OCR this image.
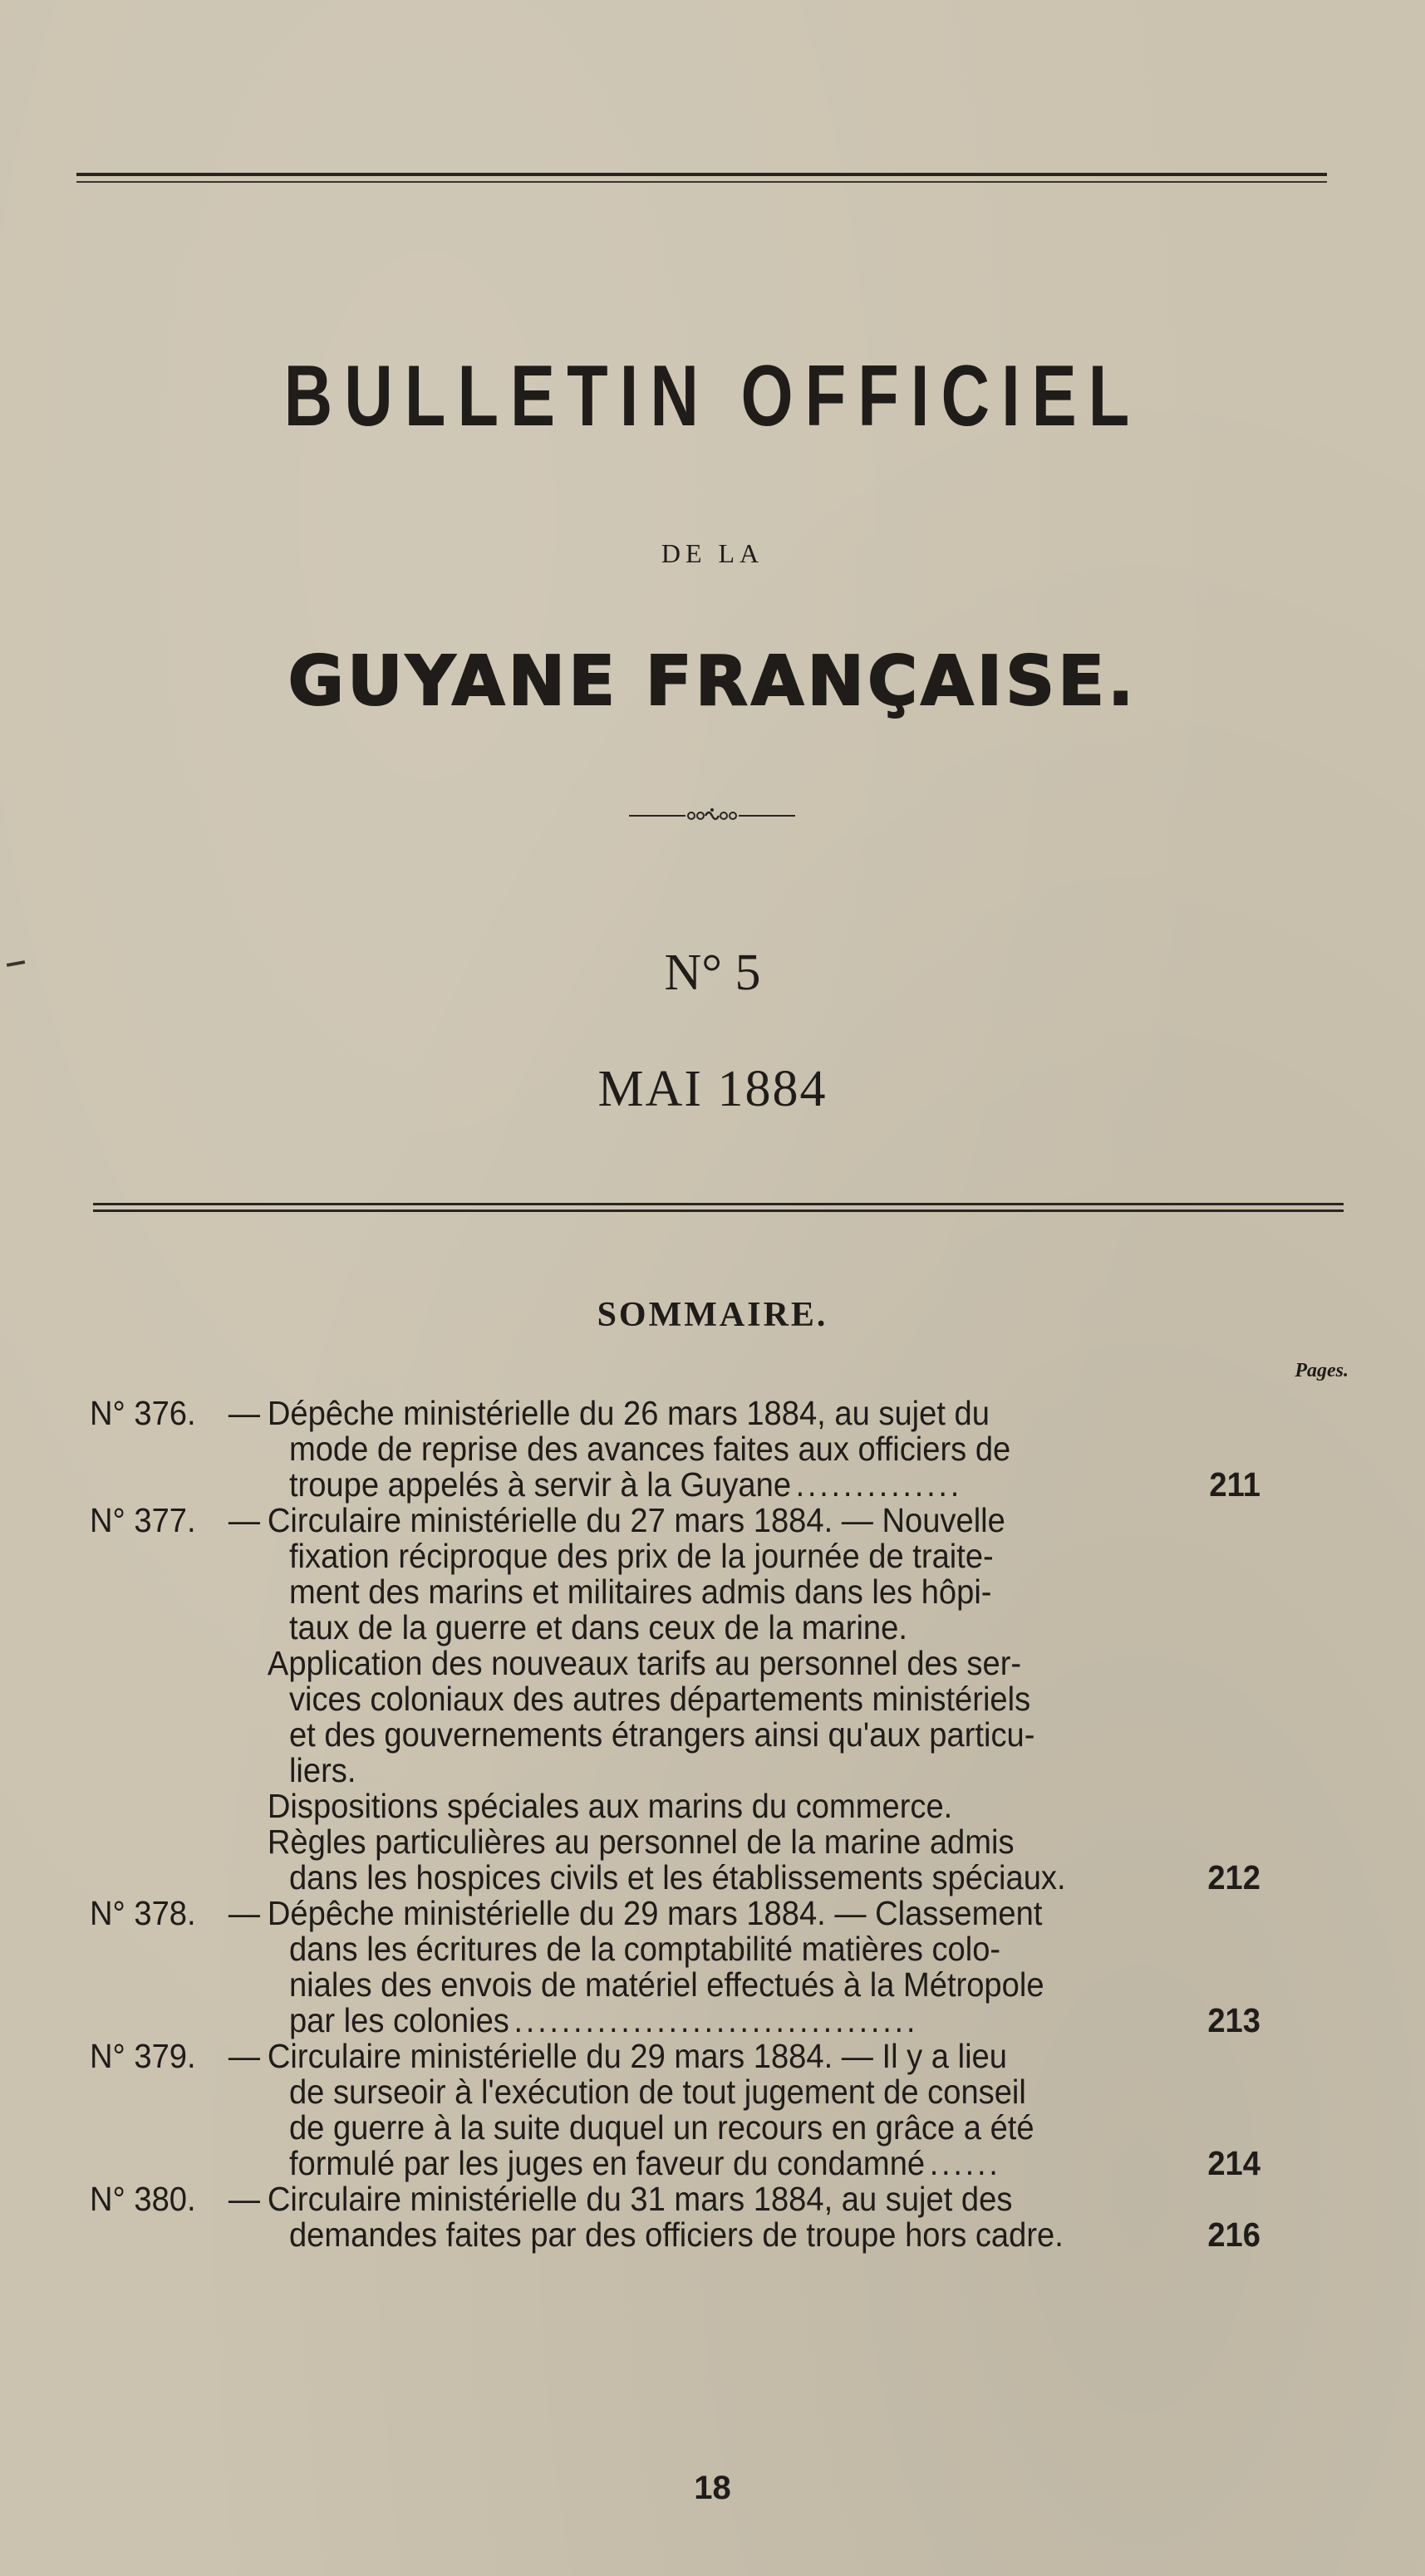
BULLETIN OFFICIEL
DE LA
GUYANE FRANÇAISE.
N° 5
MAI 1884
SOMMAIRE.
Pages.
N° 376. — Dépêche ministérielle du 26 mars 1884, au sujet du
mode de reprise des avances faites aux officiers de
troupe appelés à servir à la Guyane ..............	211
N° 377. — Circulaire ministérielle du 27 mars 1884. — Nouvelle
fixation réciproque des prix de la journée de traite-
ment des marins et militaires admis dans les hôpi-
taux de la guerre et dans ceux de la marine.
Application des nouveaux tarifs au personnel des ser-
vices coloniaux des autres départements ministériels
et des gouvernements étrangers ainsi qu'aux particu-
liers.
Dispositions spéciales aux marins du commerce.
Règles particulières au personnel de la marine admis
dans les hospices civils et les établissements spéciaux.	212
N° 378. — Dépêche ministérielle du 29 mars 1884. — Classement
dans les écritures de la comptabilité matières colo-
niales des envois de matériel effectués à la Métropole
par les colonies ..................................	213
N° 379. — Circulaire ministérielle du 29 mars 1884. — Il y a lieu
de surseoir à l'exécution de tout jugement de conseil
de guerre à la suite duquel un recours en grâce a été
formulé par les juges en faveur du condamné ......	214
N° 380. — Circulaire ministérielle du 31 mars 1884, au sujet des
demandes faites par des officiers de troupe hors cadre.	216
18
